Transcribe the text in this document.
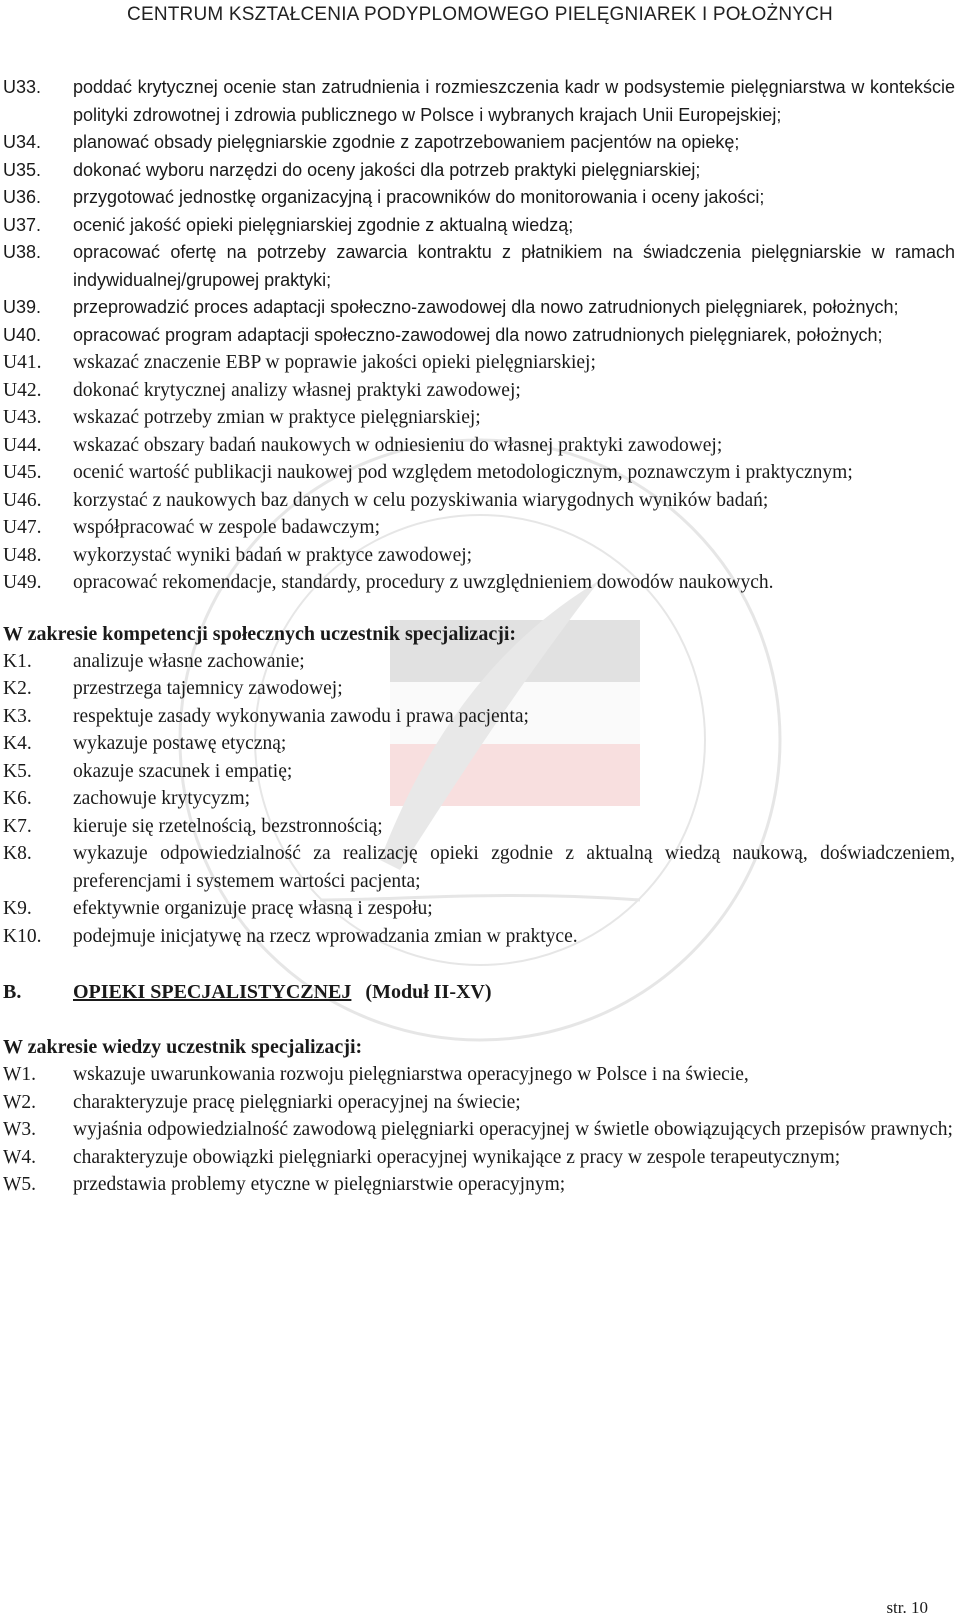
CENTRUM KSZTAŁCENIA PODYPLOMOWEGO PIELĘGNIAREK I POŁOŻNYCH
U33.	poddać krytycznej ocenie stan zatrudnienia i rozmieszczenia kadr w podsystemie pielęgniarstwa w kontekście polityki zdrowotnej i zdrowia publicznego w Polsce i wybranych krajach Unii Europejskiej;
U34.	planować obsady pielęgniarskie zgodnie z zapotrzebowaniem pacjentów na opiekę;
U35.	dokonać wyboru narzędzi do oceny jakości dla potrzeb praktyki pielęgniarskiej;
U36.	przygotować jednostkę organizacyjną i pracowników do monitorowania i oceny jakości;
U37.	ocenić jakość opieki pielęgniarskiej zgodnie z aktualną wiedzą;
U38.	opracować ofertę na potrzeby zawarcia kontraktu z płatnikiem na świadczenia pielęgniarskie w ramach indywidualnej/grupowej praktyki;
U39.	przeprowadzić proces adaptacji społeczno-zawodowej dla nowo zatrudnionych pielęgniarek, położnych;
U40.	opracować program adaptacji społeczno-zawodowej dla nowo zatrudnionych pielęgniarek, położnych;
U41.	wskazać znaczenie EBP w poprawie jakości opieki pielęgniarskiej;
U42.	dokonać krytycznej analizy własnej praktyki zawodowej;
U43.	wskazać potrzeby zmian w praktyce pielęgniarskiej;
U44.	wskazać obszary badań naukowych w odniesieniu do własnej praktyki zawodowej;
U45.	ocenić wartość publikacji naukowej pod względem metodologicznym, poznawczym i praktycznym;
U46.	korzystać z naukowych baz danych w celu pozyskiwania wiarygodnych wyników badań;
U47.	współpracować w zespole badawczym;
U48.	wykorzystać wyniki badań w praktyce zawodowej;
U49.	opracować rekomendacje, standardy, procedury z uwzględnieniem dowodów naukowych.
W zakresie kompetencji społecznych uczestnik specjalizacji:
K1.	analizuje własne zachowanie;
K2.	przestrzega tajemnicy zawodowej;
K3.	respektuje zasady wykonywania zawodu i prawa pacjenta;
K4.	wykazuje postawę etyczną;
K5.	okazuje szacunek i empatię;
K6.	zachowuje krytycyzm;
K7.	kieruje się rzetelnością, bezstronnością;
K8.	wykazuje odpowiedzialność za realizację opieki zgodnie z aktualną wiedzą naukową, doświadczeniem, preferencjami i systemem wartości pacjenta;
K9.	efektywnie organizuje pracę własną i zespołu;
K10.	podejmuje inicjatywę na rzecz wprowadzania zmian w praktyce.
B.	OPIEKI SPECJALISTYCZNEJ (Moduł II-XV)
W zakresie wiedzy uczestnik specjalizacji:
W1.	wskazuje uwarunkowania rozwoju pielęgniarstwa operacyjnego w Polsce i na świecie,
W2.	charakteryzuje pracę pielęgniarki operacyjnej na świecie;
W3.	wyjaśnia odpowiedzialność zawodową pielęgniarki operacyjnej w świetle obowiązujących przepisów prawnych;
W4.	charakteryzuje obowiązki pielęgniarki operacyjnej wynikające z pracy w zespole terapeutycznym;
W5.	przedstawia problemy etyczne w pielęgniarstwie operacyjnym;
str. 10
